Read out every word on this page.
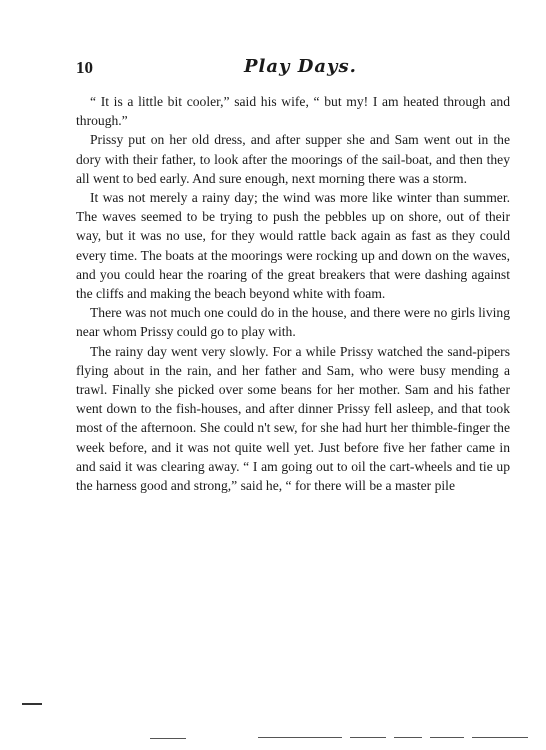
10	Play Days.

“ It is a little bit cooler,” said his wife, “ but my! I am heated through and through.”

Prissy put on her old dress, and after supper she and Sam went out in the dory with their father, to look after the moorings of the sail-boat, and then they all went to bed early. And sure enough, next morning there was a storm.

It was not merely a rainy day; the wind was more like winter than summer. The waves seemed to be trying to push the pebbles up on shore, out of their way, but it was no use, for they would rattle back again as fast as they could every time. The boats at the moorings were rocking up and down on the waves, and you could hear the roaring of the great breakers that were dashing against the cliffs and making the beach beyond white with foam.

There was not much one could do in the house, and there were no girls living near whom Prissy could go to play with.

The rainy day went very slowly. For a while Prissy watched the sand-pipers flying about in the rain, and her father and Sam, who were busy mending a trawl. Finally she picked over some beans for her mother. Sam and his father went down to the fish-houses, and after dinner Prissy fell asleep, and that took most of the afternoon. She could n't sew, for she had hurt her thimble-finger the week before, and it was not quite well yet. Just before five her father came in and said it was clearing away. “ I am going out to oil the cart-wheels and tie up the harness good and strong,” said he, “ for there will be a master pile
